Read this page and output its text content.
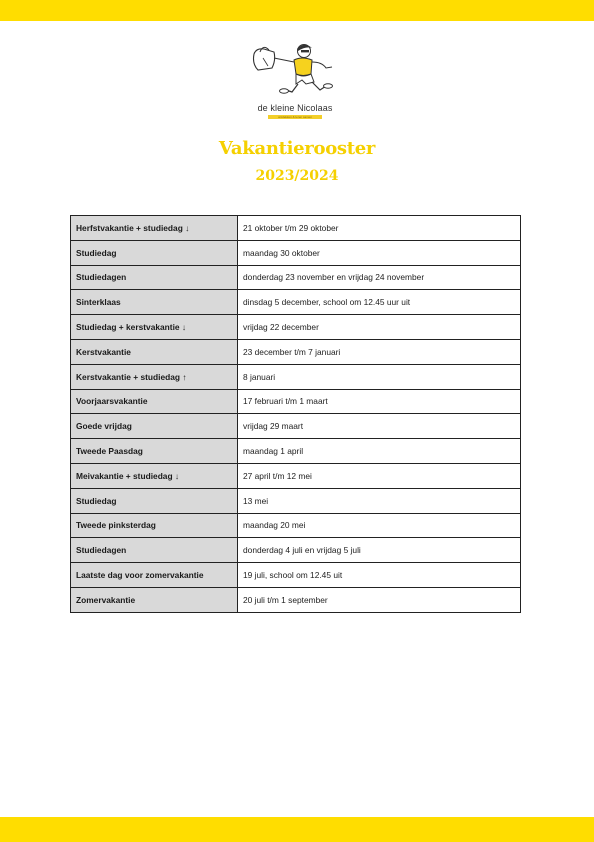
de kleine Nicolaas
ontdekken & leren samen
Vakantierooster
2023/2024
Herfstvakantie + studiedag ↓	21 oktober t/m 29 oktober
Studiedag	maandag 30 oktober
Studiedagen	donderdag 23 november en vrijdag 24 november
Sinterklaas	dinsdag 5 december, school om 12.45 uur uit
Studiedag + kerstvakantie ↓	vrijdag 22 december
Kerstvakantie	23 december t/m 7 januari
Kerstvakantie + studiedag ↑	8 januari
Voorjaarsvakantie	17 februari t/m 1 maart
Goede vrijdag	vrijdag 29 maart
Tweede Paasdag	maandag 1 april
Meivakantie + studiedag ↓	27 april t/m 12 mei
Studiedag	13 mei
Tweede pinksterdag	maandag 20 mei
Studiedagen	donderdag 4 juli en vrijdag 5 juli
Laatste dag voor zomervakantie	19 juli, school om 12.45 uit
Zomervakantie	20 juli t/m 1 september
